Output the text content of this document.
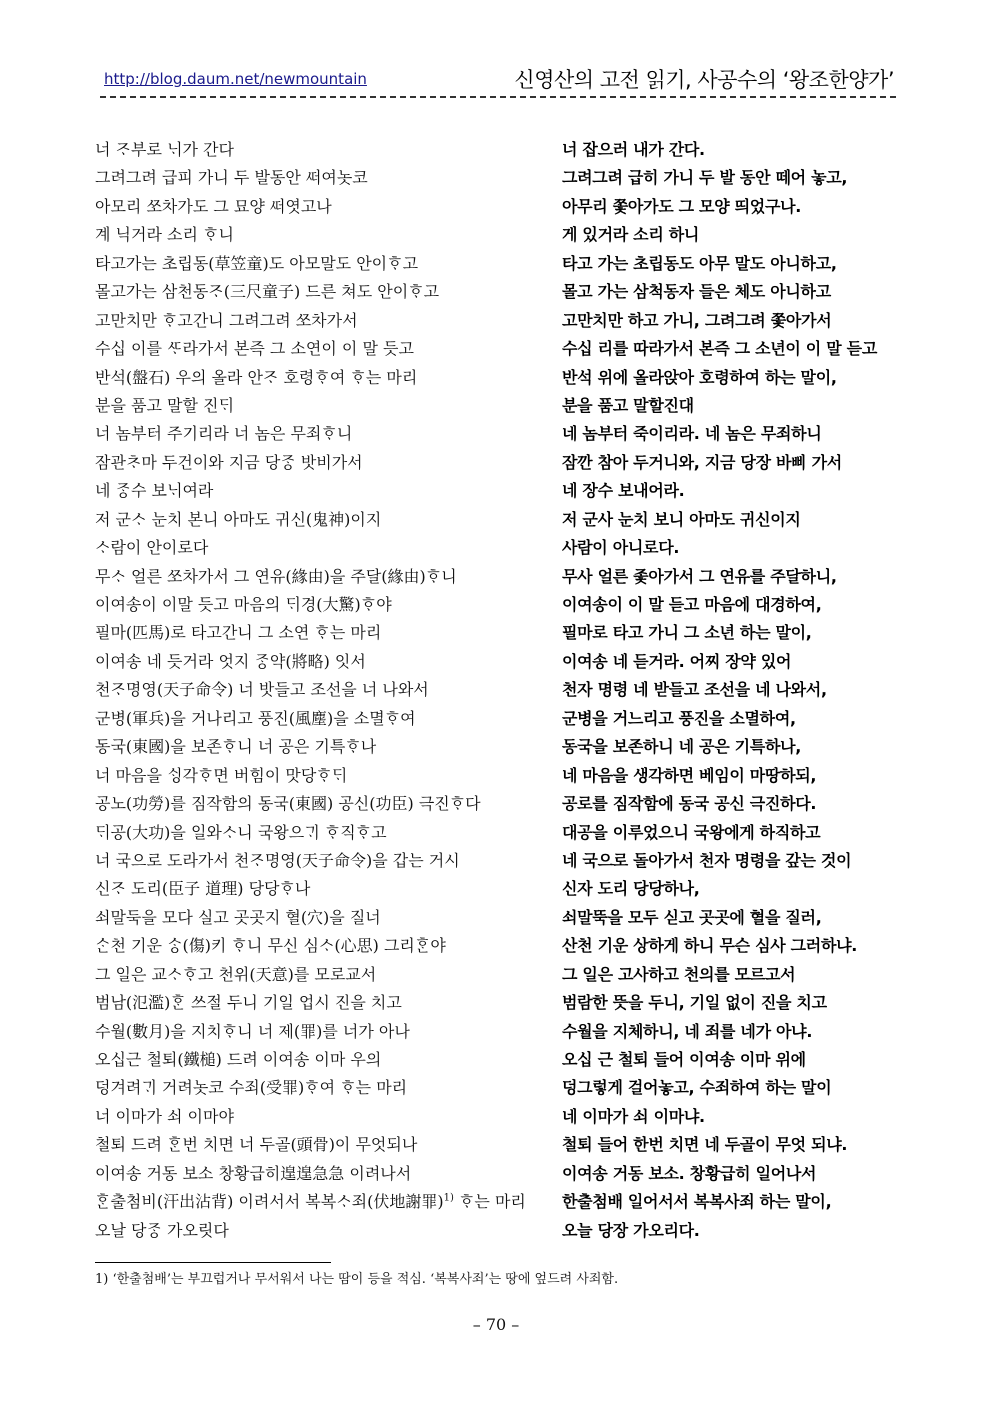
http://blog.daum.net/newmountain	신영산의 고전 읽기, 사공수의 ‘왕조한양가’
너 ᄌᆞ부로 ᄂᆡ가 간다	너 잡으러 내가 간다.
그려그려 급피 가니 두 발동안 ᄯᅥ여놋코	그려그려 급히 가니 두 발 동안 떼어 놓고,
아모리 ᄶᅩ차가도 그 묘양 ᄯᅥ엿고나	아무리 쫓아가도 그 모양 띄었구나.
계 닉거라 소리 ᄒᆞ니	게 있거라 소리 하니
타고가는 초립동(草笠童)도 아모말도 안이ᄒᆞ고	타고 가는 초립동도 아무 말도 아니하고,
몰고가는 삼천동ᄌᆞ(三尺童子) 드른 쳐도 안이ᄒᆞ고	몰고 가는 삼척동자 들은 체도 아니하고
고만치만 ᄒᆞ고간니 그려그려 ᄶᅩ차가서	고만치만 하고 가니, 그려그려 쫓아가서
수십 이를 ᄯᆞ라가서 본즉 그 소연이 이 말 듯고	수십 리를 따라가서 본즉 그 소년이 이 말 듣고
반석(盤石) 우의 올라 안ᄌᆞ 호령ᄒᆞ여 ᄒᆞ는 마리	반석 위에 올라앉아 호령하여 하는 말이,
분을 품고 말할 진ᄃᆡ	분을 품고 말할진대
너 놈부터 주기리라 너 놈은 무죄ᄒᆞ니	네 놈부터 죽이리라. 네 놈은 무죄하니
잠관ᄎᆞ마 두건이와 지금 당ᄌᆞᆼ 밧비가서	잠깐 참아 두거니와, 지금 당장 바삐 가서
네 ᄌᆞᆼ수 보ᄂᆡ여라	네 장수 보내어라.
저 군ᄉᆞ 눈치 본니 아마도 귀신(鬼神)이지	저 군사 눈치 보니 아마도 귀신이지
ᄉᆞ람이 안이로다	사람이 아니로다.
무ᄉᆞ 얼른 ᄶᅩ차가서 그 연유(緣由)을 주달(緣由)ᄒᆞ니	무사 얼른 좇아가서 그 연유를 주달하니,
이여송이 이말 듯고 마음의 ᄃᆡ경(大驚)ᄒᆞ야	이여송이 이 말 듣고 마음에 대경하여,
필마(匹馬)로 타고간니 그 소연 ᄒᆞ는 마리	필마로 타고 가니 그 소년 하는 말이,
이여송 네 듯거라 엇지 ᄌᆞᆼ약(將略) 잇서	이여송 네 듣거라. 어찌 장약 있어
천ᄌᆞ명영(天子命令) 너 밧들고 조선을 너 나와서	천자 명령 네 받들고 조선을 네 나와서,
군병(軍兵)을 거나리고 풍진(風塵)을 소멸ᄒᆞ여	군병을 거느리고 풍진을 소멸하여,
동국(東國)을 보존ᄒᆞ니 너 공은 기특ᄒᆞ나	동국을 보존하니 네 공은 기특하나,
너 마음을 ᄉᆡᆼ각ᄒᆞ면 버힘이 맛당ᄒᆞᄃᆡ	네 마음을 생각하면 베임이 마땅하되,
공노(功勞)를 짐작함의 동국(東國) 공신(功臣) 극진ᄒᆞ다	공로를 짐작함에 동국 공신 극진하다.
ᄃᆡ공(大功)을 일와ᄉᆞ니 국왕으ᄀᆡ ᄒᆞ직ᄒᆞ고	대공을 이루었으니 국왕에게 하직하고
너 국으로 도라가서 천ᄌᆞ명영(天子命令)을 갑는 거시	네 국으로 돌아가서 천자 명령을 갚는 것이
신ᄌᆞ 도리(臣子 道理) 당당ᄒᆞ나	신자 도리 당당하나,
쇠말둑을 모다 실고 곳곳지 혈(穴)을 질너	쇠말뚝을 모두 싣고 곳곳에 혈을 질러,
ᄉᆞᆫ천 기운 ᄉᆞᆼ(傷)키 ᄒᆞ니 무신 심ᄉᆞ(心思) 그리ᄒᆞᆫ야	산천 기운 상하게 하니 무슨 심사 그러하냐.
그 일은 교ᄉᆞᄒᆞ고 천위(天意)를 모로교서	그 일은 고사하고 천의를 모르고서
범남(氾濫)ᄒᆞᆫ 쓰절 두니 기일 업시 진을 치고	범람한 뜻을 두니, 기일 없이 진을 치고
수월(數月)을 지치ᄒᆞ니 너 제(罪)를 너가 아나	수월을 지체하니, 네 죄를 네가 아냐.
오십근 철퇴(鐵槌) 드려 이여송 이마 우의	오십 근 철퇴 들어 이여송 이마 위에
덩겨려ᄀᆡ 거려놋코 수죄(受罪)ᄒᆞ여 ᄒᆞ는 마리	덩그렇게 걸어놓고, 수죄하여 하는 말이
너 이마가 쇠 이마야	네 이마가 쇠 이마냐.
철퇴 드려 ᄒᆞᆫ번 치면 너 두골(頭骨)이 무엇되나	철퇴 들어 한번 치면 네 두골이 무엇 되냐.
이여송 거동 보소 창황급히遑遑急急 이려나서	이여송 거동 보소. 창황급히 일어나서
ᄒᆞᆫ출첨비(汗出沾背) 이려서서 복복ᄉᆞ죄(伏地謝罪)$^{1)}$ ᄒᆞ는 마리	한출첨배 일어서서 복복사죄 하는 말이,
오날 당ᄌᆞᆼ 가오릿다	오늘 당장 가오리다.
1) ‘한출첨배’는 부끄럽거나 무서워서 나는 땀이 등을 적심. ‘복복사죄’는 땅에 엎드려 사죄함.
– 70 –
